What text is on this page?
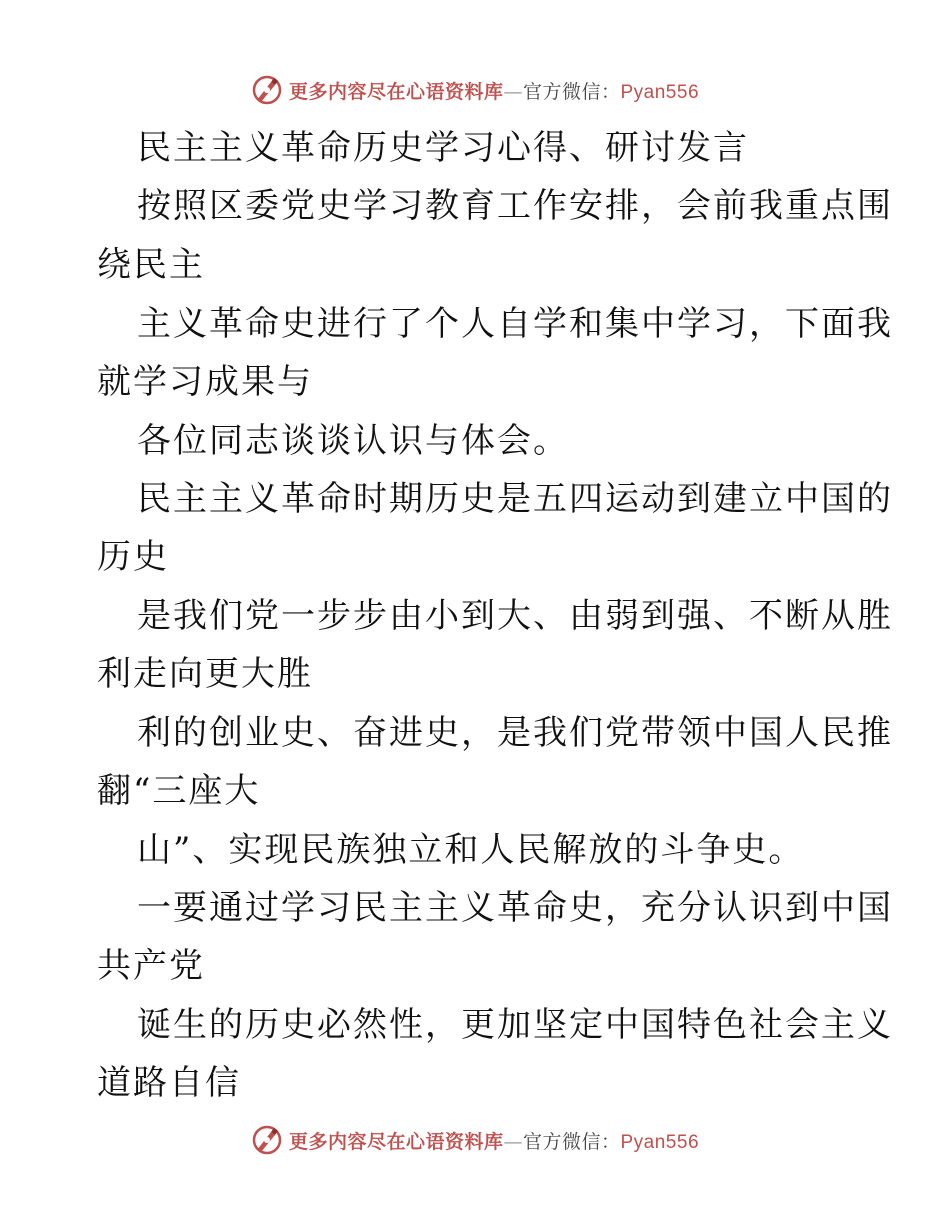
更多内容尽在心语资料库—官方微信：Pyan556
民主主义革命历史学习心得、研讨发言
按照区委党史学习教育工作安排，会前我重点围
绕民主
主义革命史进行了个人自学和集中学习，下面我
就学习成果与
各位同志谈谈认识与体会。
民主主义革命时期历史是五四运动到建立中国的
历史
是我们党一步步由小到大、由弱到强、不断从胜
利走向更大胜
利的创业史、奋进史，是我们党带领中国人民推
翻“三座大
山”、实现民族独立和人民解放的斗争史。
一要通过学习民主主义革命史，充分认识到中国
共产党
诞生的历史必然性，更加坚定中国特色社会主义
道路自信
更多内容尽在心语资料库—官方微信：Pyan556
